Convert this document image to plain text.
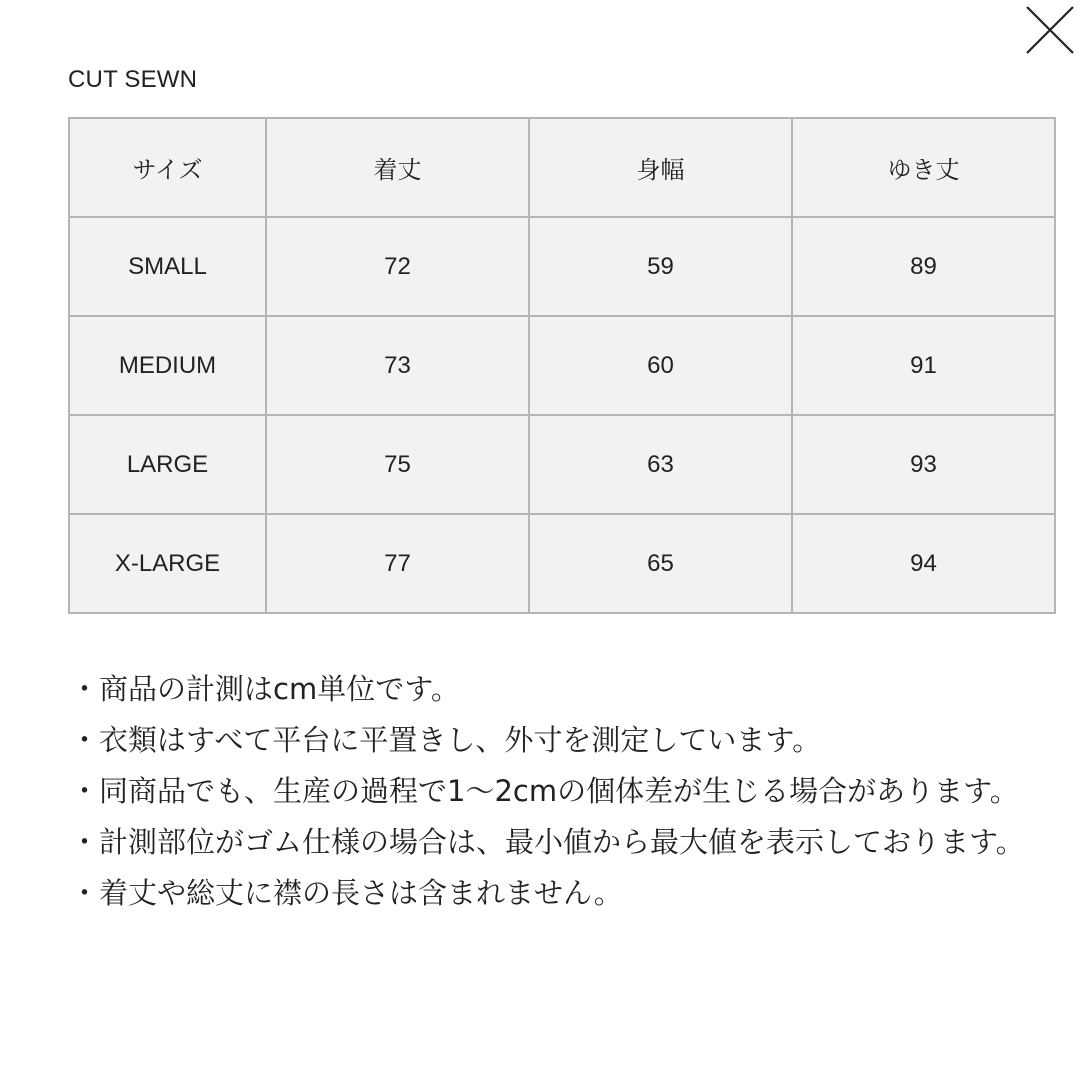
CUT SEWN
サイズ	着丈	身幅	ゆき丈
SMALL	72	59	89
MEDIUM	73	60	91
LARGE	75	63	93
X-LARGE	77	65	94
・商品の計測はcm単位です。
・衣類はすべて平台に平置きし、外寸を測定しています。
・同商品でも、生産の過程で1〜2cmの個体差が生じる場合があります。
・計測部位がゴム仕様の場合は、最小値から最大値を表示しております。
・着丈や総丈に襟の長さは含まれません。
